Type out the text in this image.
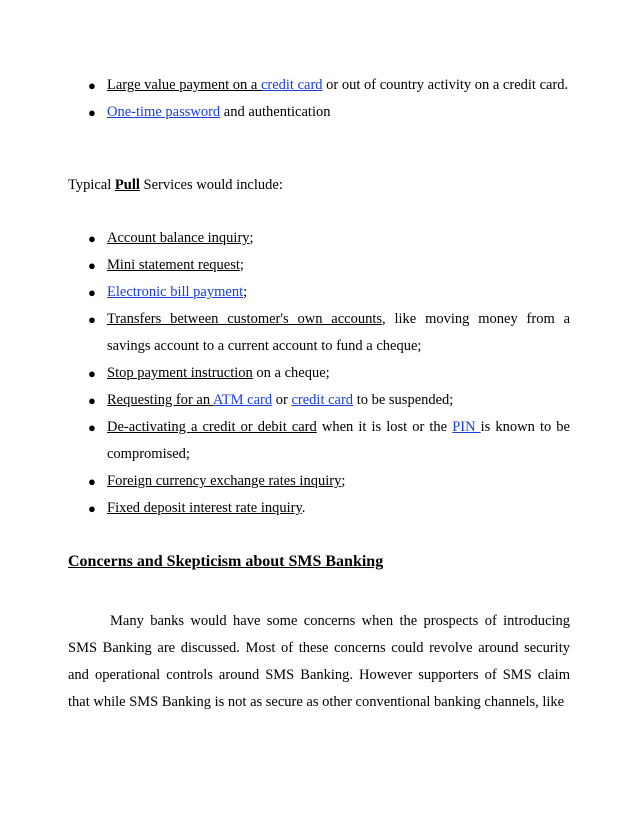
● Large value payment on a credit card or out of country activity on a credit card.
● One-time password and authentication
Typical Pull Services would include:
● Account balance inquiry;
● Mini statement request;
● Electronic bill payment;
● Transfers between customer's own accounts, like moving money from a savings account to a current account to fund a cheque;
● Stop payment instruction on a cheque;
● Requesting for an ATM card or credit card to be suspended;
● De-activating a credit or debit card when it is lost or the PIN is known to be compromised;
● Foreign currency exchange rates inquiry;
● Fixed deposit interest rate inquiry.
Concerns and Skepticism about SMS Banking
Many banks would have some concerns when the prospects of introducing SMS Banking are discussed. Most of these concerns could revolve around security and operational controls around SMS Banking. However supporters of SMS claim that while SMS Banking is not as secure as other conventional banking channels, like
